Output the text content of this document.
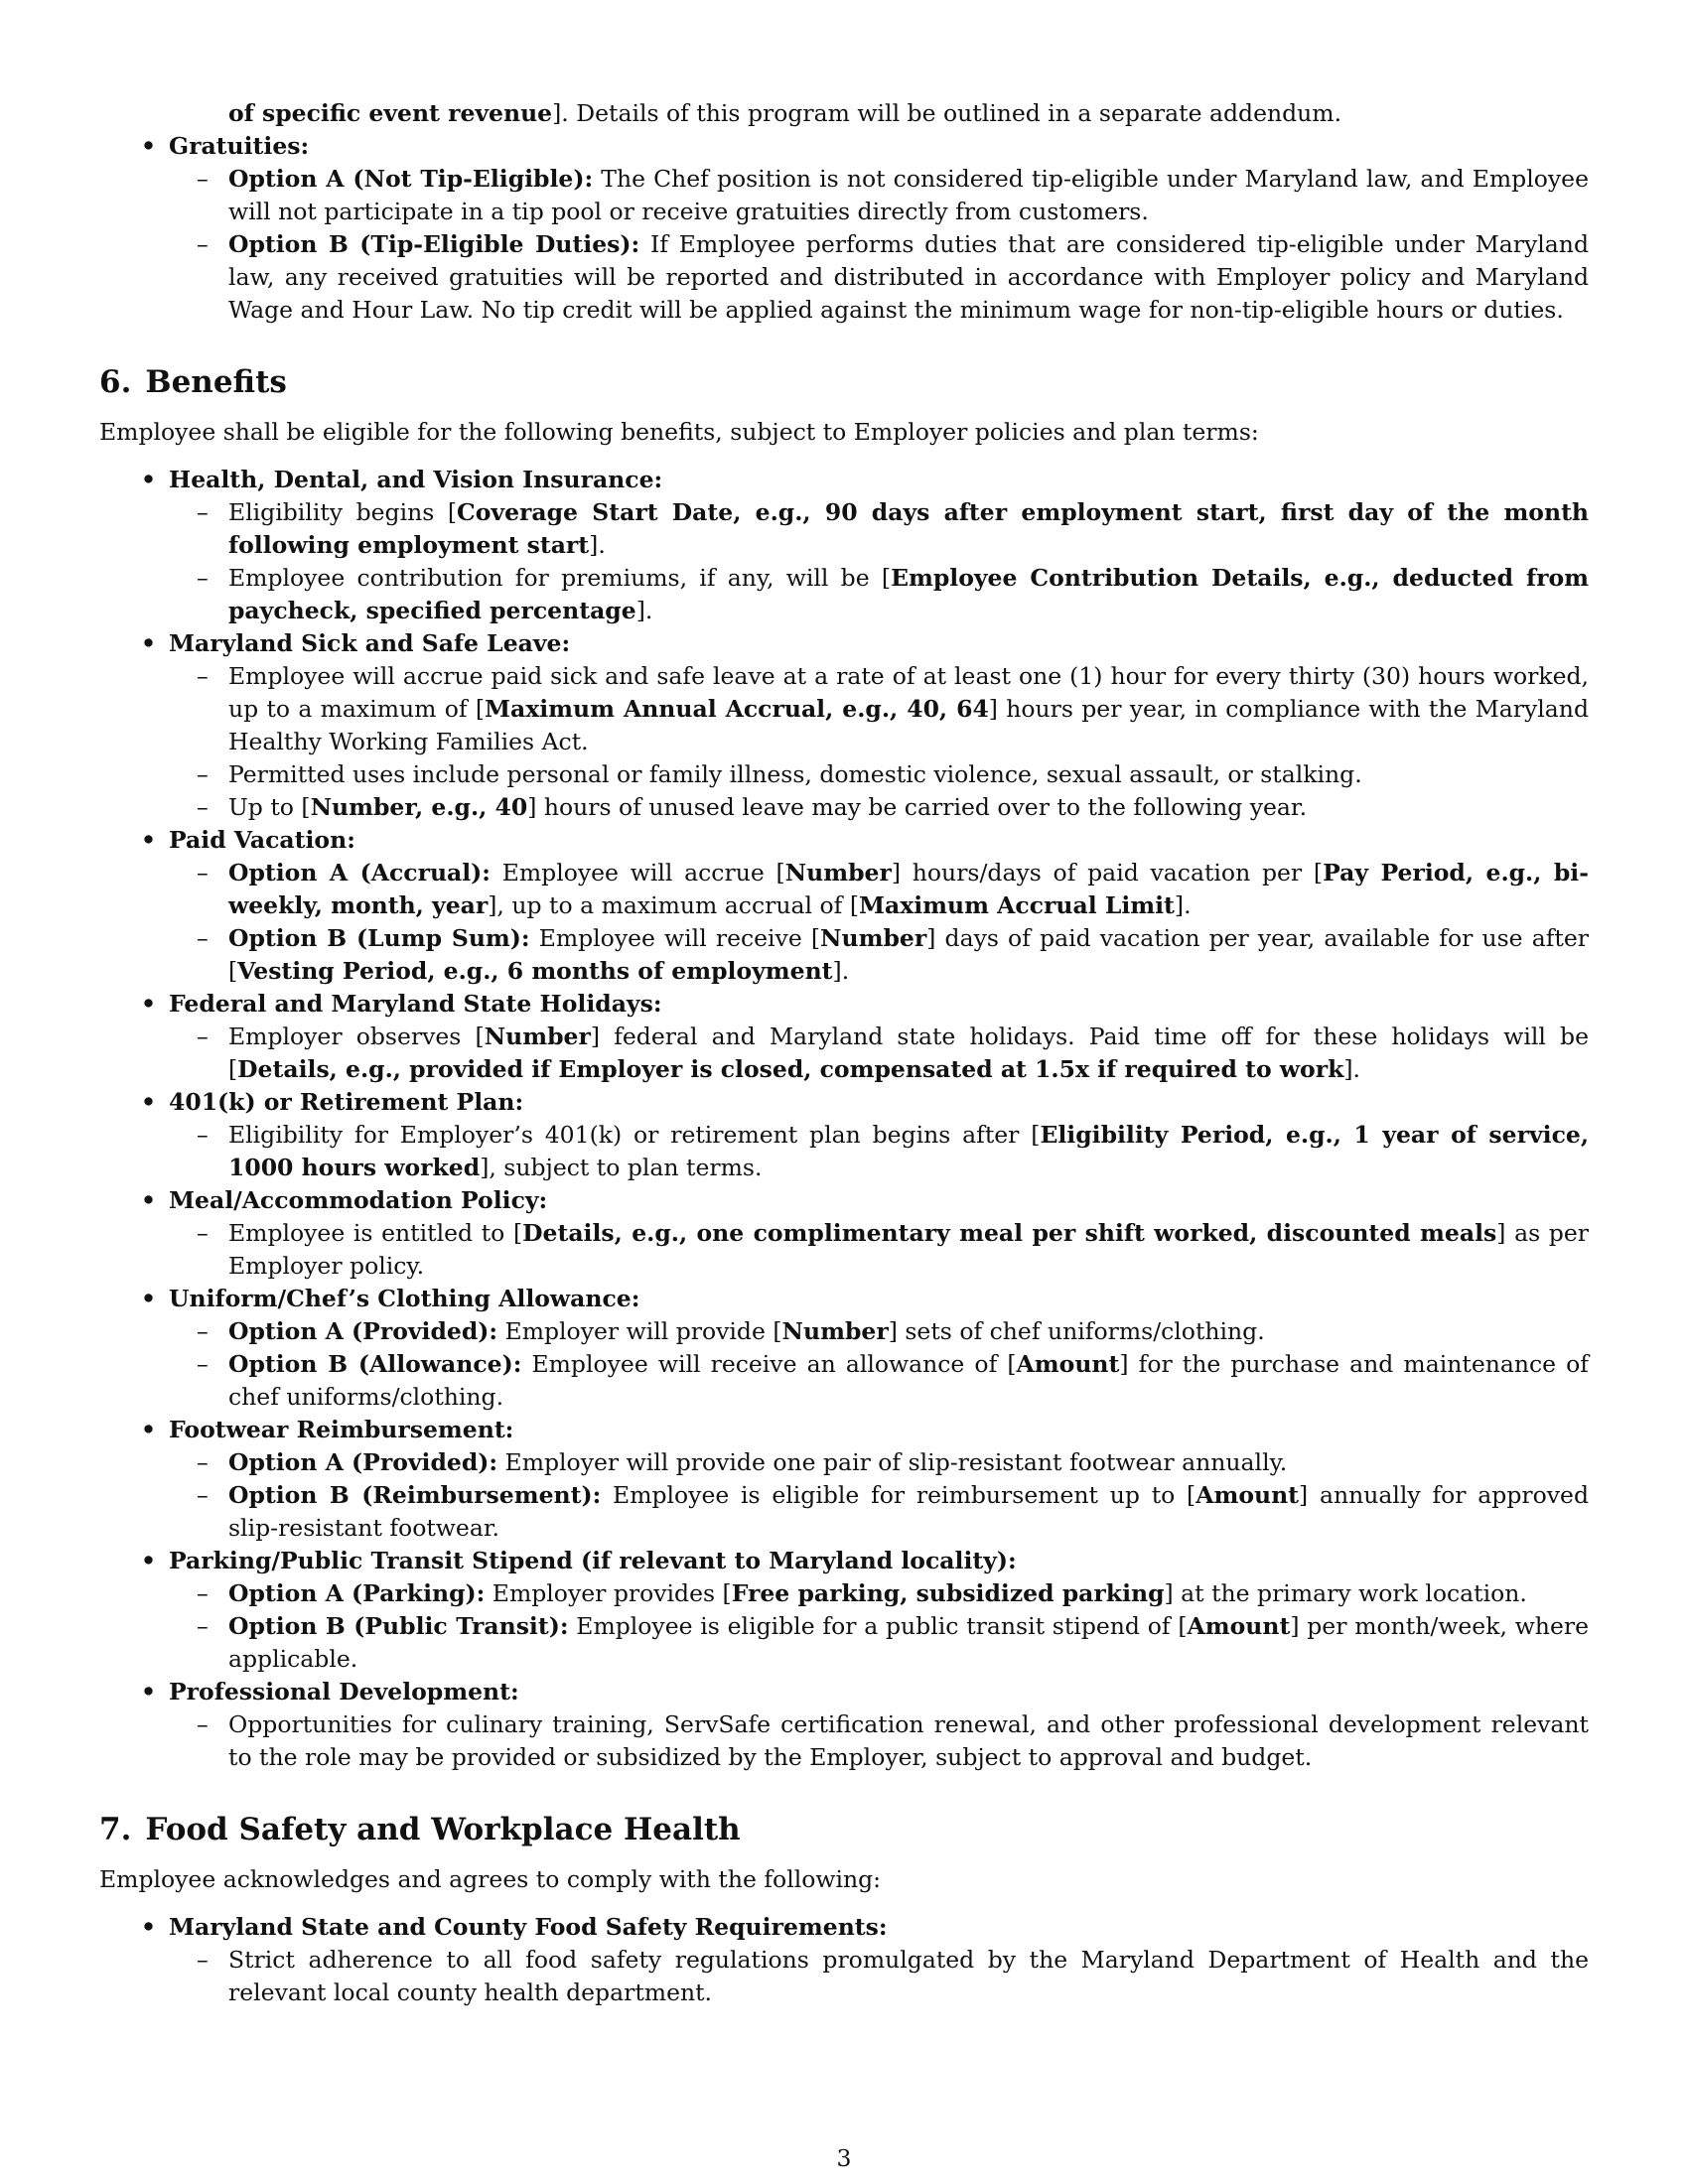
of specific event revenue]. Details of this program will be outlined in a separate addendum.
• Gratuities:
– Option A (Not Tip-Eligible): The Chef position is not considered tip-eligible under Maryland law, and Employee will not participate in a tip pool or receive gratuities directly from customers.
– Option B (Tip-Eligible Duties): If Employee performs duties that are considered tip-eligible under Maryland law, any received gratuities will be reported and distributed in accordance with Employer policy and Maryland Wage and Hour Law. No tip credit will be applied against the minimum wage for non-tip-eligible hours or duties.
6. Benefits
Employee shall be eligible for the following benefits, subject to Employer policies and plan terms:
• Health, Dental, and Vision Insurance:
– Eligibility begins [Coverage Start Date, e.g., 90 days after employment start, first day of the month following employment start].
– Employee contribution for premiums, if any, will be [Employee Contribution Details, e.g., deducted from paycheck, specified percentage].
• Maryland Sick and Safe Leave:
– Employee will accrue paid sick and safe leave at a rate of at least one (1) hour for every thirty (30) hours worked, up to a maximum of [Maximum Annual Accrual, e.g., 40, 64] hours per year, in compliance with the Maryland Healthy Working Families Act.
– Permitted uses include personal or family illness, domestic violence, sexual assault, or stalking.
– Up to [Number, e.g., 40] hours of unused leave may be carried over to the following year.
• Paid Vacation:
– Option A (Accrual): Employee will accrue [Number] hours/days of paid vacation per [Pay Period, e.g., bi-weekly, month, year], up to a maximum accrual of [Maximum Accrual Limit].
– Option B (Lump Sum): Employee will receive [Number] days of paid vacation per year, available for use after [Vesting Period, e.g., 6 months of employment].
• Federal and Maryland State Holidays:
– Employer observes [Number] federal and Maryland state holidays. Paid time off for these holidays will be [Details, e.g., provided if Employer is closed, compensated at 1.5x if required to work].
• 401(k) or Retirement Plan:
– Eligibility for Employer’s 401(k) or retirement plan begins after [Eligibility Period, e.g., 1 year of service, 1000 hours worked], subject to plan terms.
• Meal/Accommodation Policy:
– Employee is entitled to [Details, e.g., one complimentary meal per shift worked, discounted meals] as per Employer policy.
• Uniform/Chef’s Clothing Allowance:
– Option A (Provided): Employer will provide [Number] sets of chef uniforms/clothing.
– Option B (Allowance): Employee will receive an allowance of [Amount] for the purchase and maintenance of chef uniforms/clothing.
• Footwear Reimbursement:
– Option A (Provided): Employer will provide one pair of slip-resistant footwear annually.
– Option B (Reimbursement): Employee is eligible for reimbursement up to [Amount] annually for approved slip-resistant footwear.
• Parking/Public Transit Stipend (if relevant to Maryland locality):
– Option A (Parking): Employer provides [Free parking, subsidized parking] at the primary work location.
– Option B (Public Transit): Employee is eligible for a public transit stipend of [Amount] per month/week, where applicable.
• Professional Development:
– Opportunities for culinary training, ServSafe certification renewal, and other professional development relevant to the role may be provided or subsidized by the Employer, subject to approval and budget.
7. Food Safety and Workplace Health
Employee acknowledges and agrees to comply with the following:
• Maryland State and County Food Safety Requirements:
– Strict adherence to all food safety regulations promulgated by the Maryland Department of Health and the relevant local county health department.
3
